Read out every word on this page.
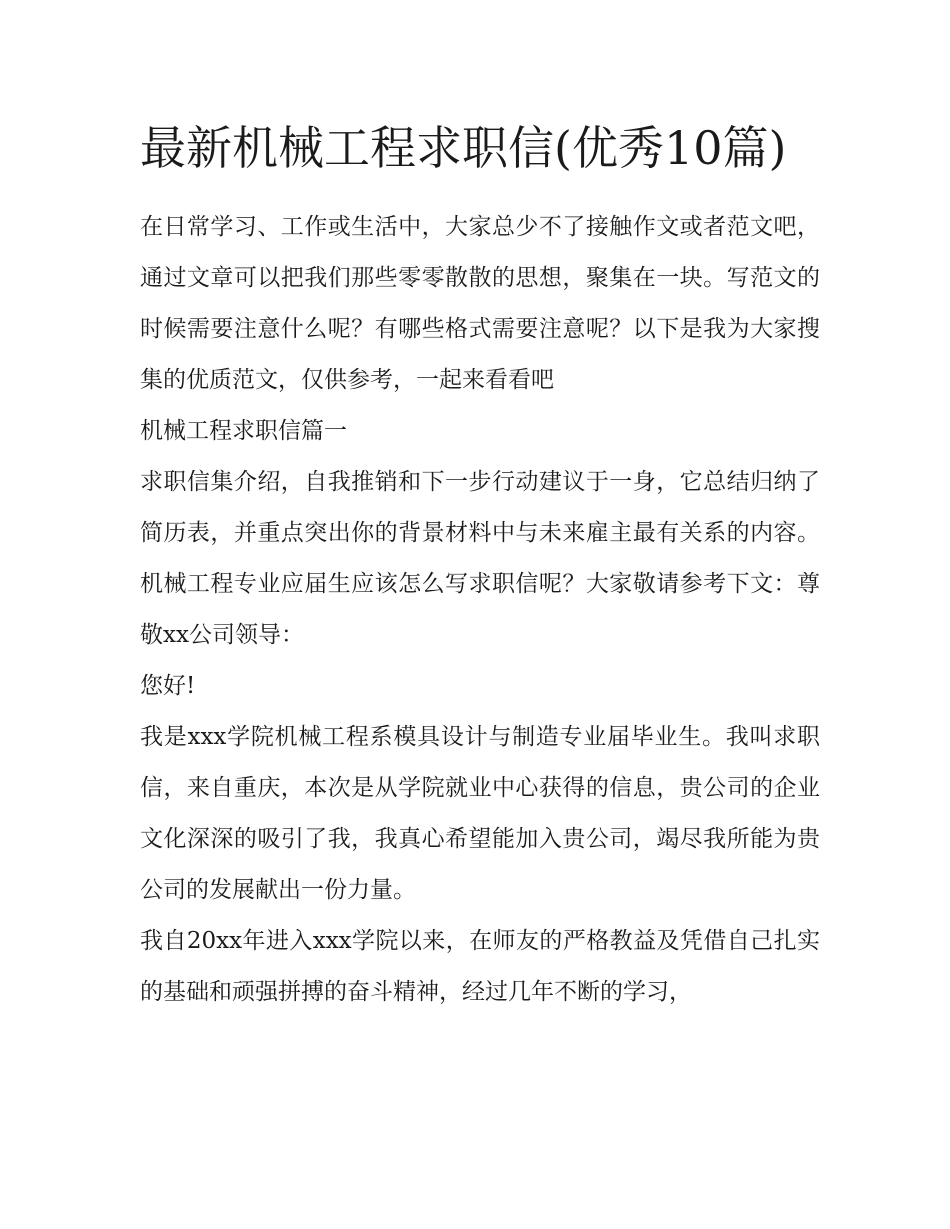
最新机械工程求职信(优秀10篇)

在日常学习、工作或生活中，大家总少不了接触作文或者范文吧，通过文章可以把我们那些零零散散的思想，聚集在一块。写范文的时候需要注意什么呢？有哪些格式需要注意呢？以下是我为大家搜集的优质范文，仅供参考，一起来看看吧

机械工程求职信篇一

求职信集介绍，自我推销和下一步行动建议于一身，它总结归纳了简历表，并重点突出你的背景材料中与未来雇主最有关系的内容。机械工程专业应届生应该怎么写求职信呢？大家敬请参考下文：尊敬xx公司领导：

您好!

我是xxx学院机械工程系模具设计与制造专业届毕业生。我叫求职信，来自重庆，本次是从学院就业中心获得的信息，贵公司的企业文化深深的吸引了我，我真心希望能加入贵公司，竭尽我所能为贵公司的发展献出一份力量。

我自20xx年进入xxx学院以来，在师友的严格教益及凭借自己扎实的基础和顽强拼搏的奋斗精神，经过几年不断的学习，
